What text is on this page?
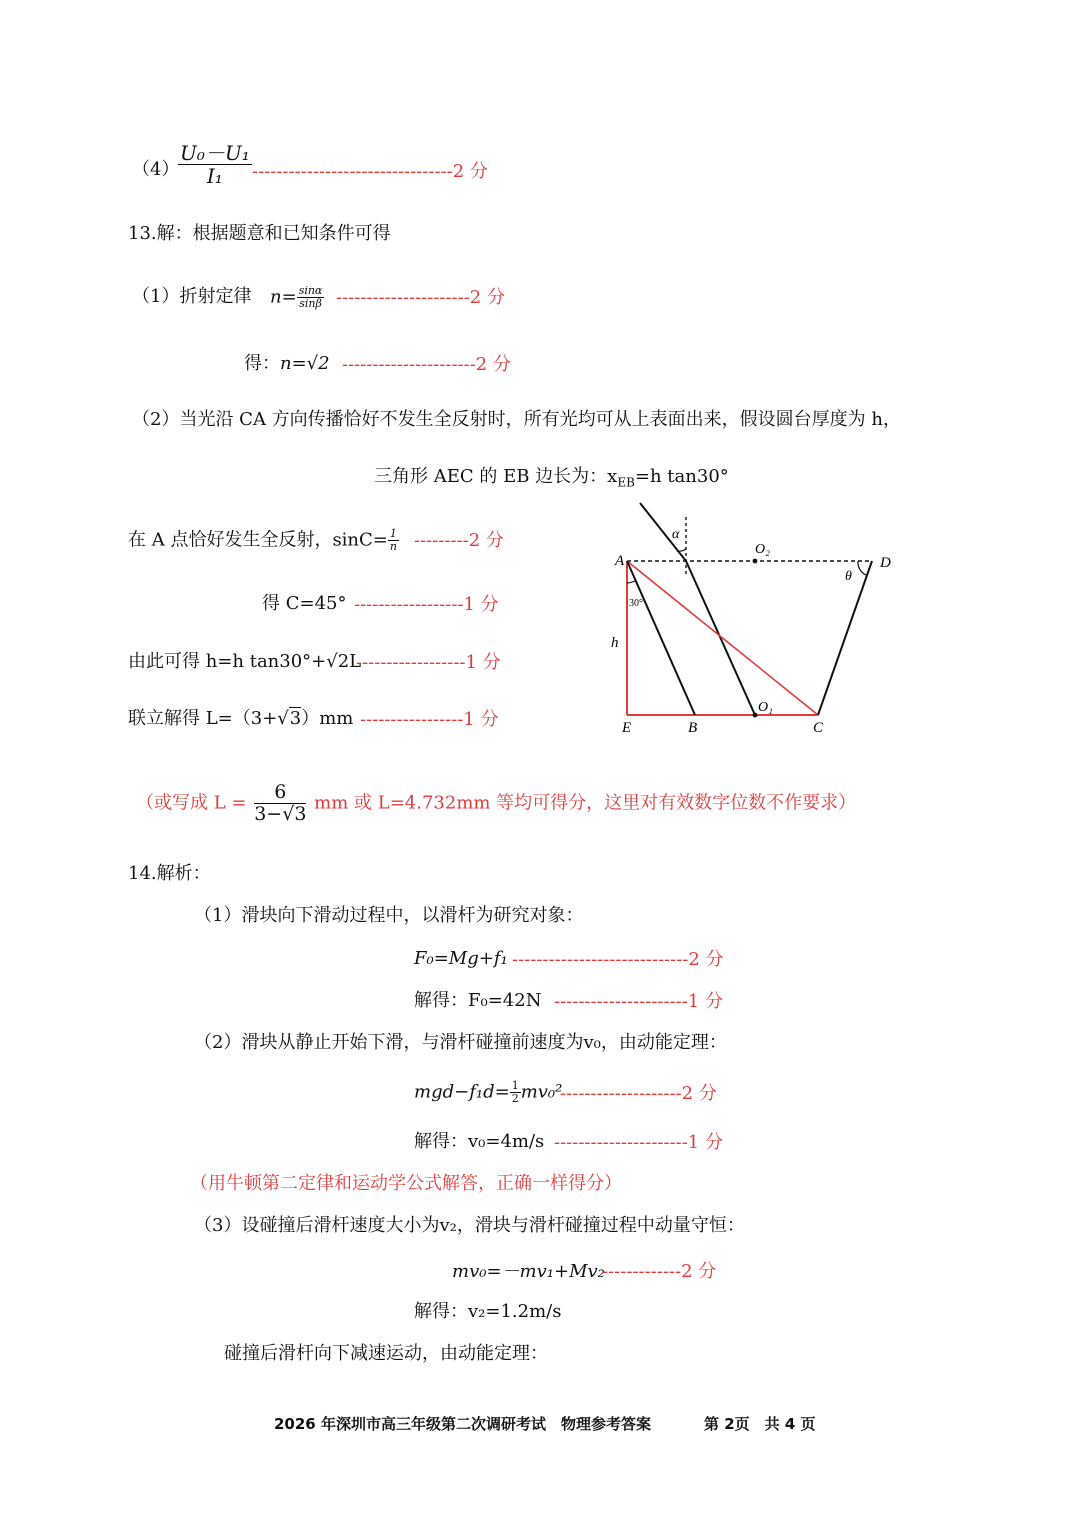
（4）
$\frac{\text{U₀－U₁}}{\text{I₁}} ---------------------------------2$ 分
13.解：根据题意和已知条件可得
（1）折射定律 $n= \frac{\sin\alpha}{\sin\beta} ----------------------2$ 分
得： n=√2 ----------------------2 分
（2）当光沿 CA 方向传播恰好不发生全反射时，所有光均可从上表面出来，假设圆台厚度为 h，
三角形 AEC 的 EB 边长为：$x_{EB}=h$ tan30°
在 A 点恰好发生全反射，$\sin C= \frac{1}{n} ---------2$ 分
得 C=45° ------------------1 分
由此可得 h=h tan30°+√2L
------------------1 分
联立解得 L=（3+√3）mm -----------------1 分
（或写成 $L = \frac{6}{3-√3}$ mm 或 L=4.732mm 等均可得分，这里对有效数字位数不作要求）
A	D
E	B	C
O₁
O₂
α
θ
h
30°
14.解析：
（1）滑块向下滑动过程中，以滑杆为研究对象：
F₀=Mg+f₁ -----------------------------2 分
解得：F₀=42N ----------------------1 分
（2）滑块从静止开始下滑，与滑杆碰撞前速度为v₀，由动能定理：
$mgd-f_1d= \frac{1}{2} mv_0^2$
--------------------2 分
解得：v₀=4m/s ----------------------1 分
（用牛顿第二定律和运动学公式解答，正确一样得分）
（3）设碰撞后滑杆速度大小为v₂，滑块与滑杆碰撞过程中动量守恒：
mv₀=－mv₁+Mv₂
-------------2 分
解得：v₂=1.2m/s
碰撞后滑杆向下减速运动，由动能定理：
2026 年深圳市高三年级第二次调研考试　物理参考答案	第 2页　共 4 页
